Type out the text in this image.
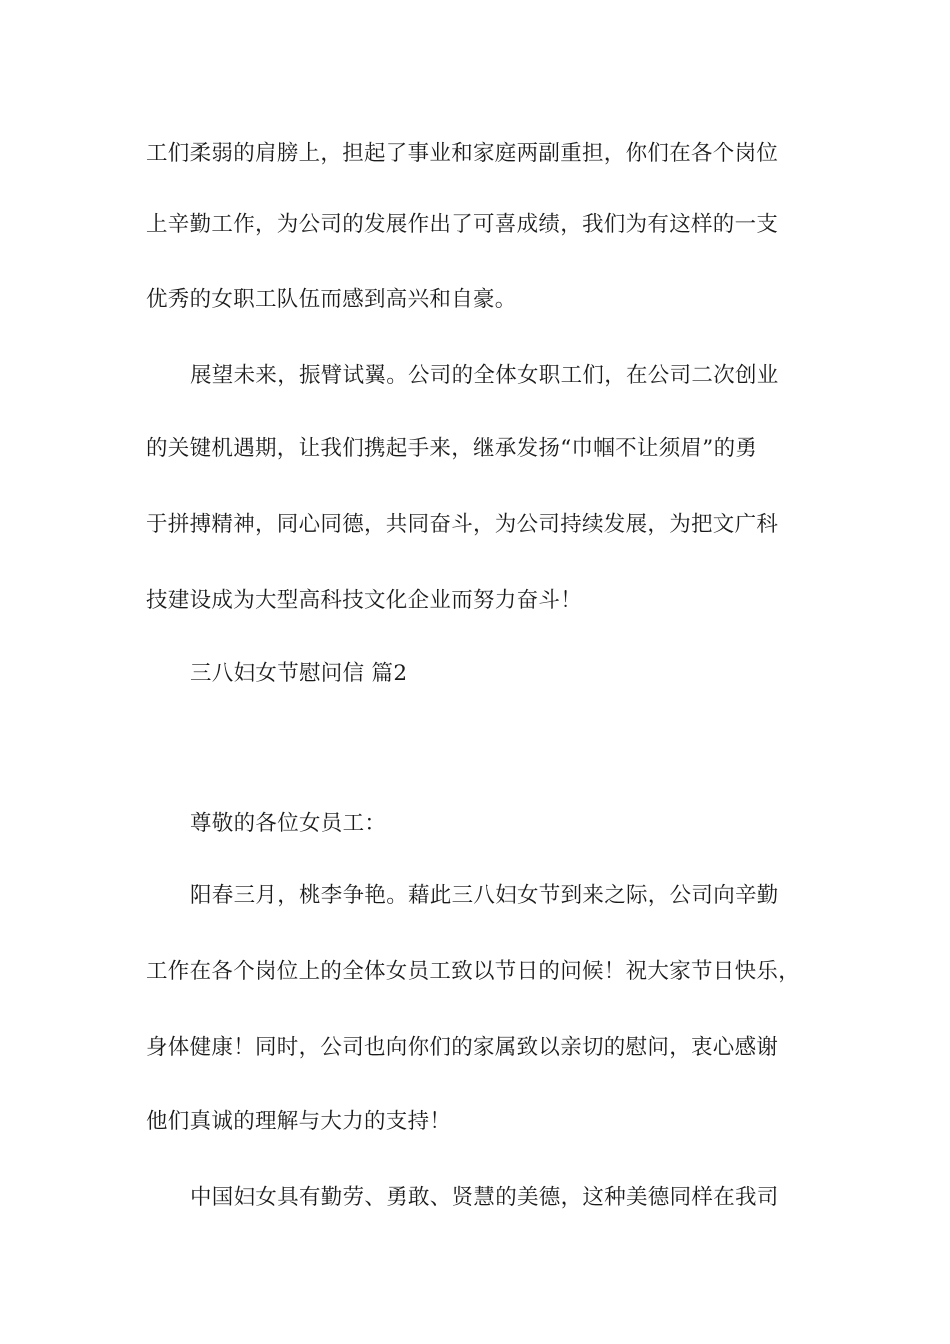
工们柔弱的肩膀上，担起了事业和家庭两副重担，你们在各个岗位
上辛勤工作，为公司的发展作出了可喜成绩，我们为有这样的一支
优秀的女职工队伍而感到高兴和自豪。
展望未来，振臂试翼。公司的全体女职工们，在公司二次创业
的关键机遇期，让我们携起手来，继承发扬“巾帼不让须眉”的勇
于拼搏精神，同心同德，共同奋斗，为公司持续发展，为把文广科
技建设成为大型高科技文化企业而努力奋斗！
三八妇女节慰问信 篇2
尊敬的各位女员工：
阳春三月，桃李争艳。藉此三八妇女节到来之际，公司向辛勤
工作在各个岗位上的全体女员工致以节日的问候！祝大家节日快乐，
身体健康！同时，公司也向你们的家属致以亲切的慰问，衷心感谢
他们真诚的理解与大力的支持！
中国妇女具有勤劳、勇敢、贤慧的美德，这种美德同样在我司
